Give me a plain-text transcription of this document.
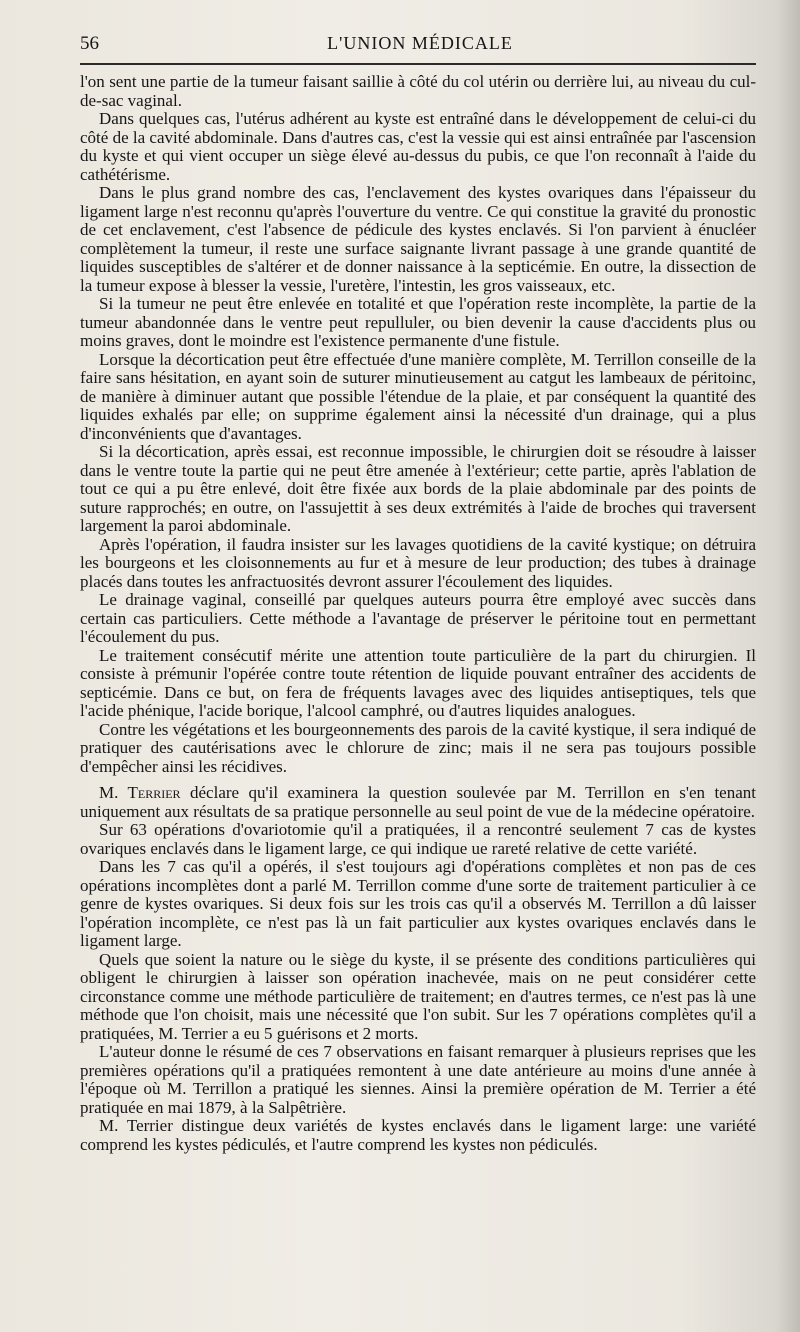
56	L'UNION MÉDICALE

l'on sent une partie de la tumeur faisant saillie à côté du col utérin ou derrière lui, au niveau du cul-de-sac vaginal.

Dans quelques cas, l'utérus adhérent au kyste est entraîné dans le développement de celui-ci du côté de la cavité abdominale. Dans d'autres cas, c'est la vessie qui est ainsi entraînée par l'ascension du kyste et qui vient occuper un siège élevé au-dessus du pubis, ce que l'on reconnaît à l'aide du cathétérisme.

Dans le plus grand nombre des cas, l'enclavement des kystes ovariques dans l'épaisseur du ligament large n'est reconnu qu'après l'ouverture du ventre. Ce qui constitue la gravité du pronostic de cet enclavement, c'est l'absence de pédicule des kystes enclavés. Si l'on parvient à énucléer complètement la tumeur, il reste une surface saignante livrant passage à une grande quantité de liquides susceptibles de s'altérer et de donner naissance à la septicémie. En outre, la dissection de la tumeur expose à blesser la vessie, l'uretère, l'intestin, les gros vaisseaux, etc.

Si la tumeur ne peut être enlevée en totalité et que l'opération reste incomplète, la partie de la tumeur abandonnée dans le ventre peut repulluler, ou bien devenir la cause d'accidents plus ou moins graves, dont le moindre est l'existence permanente d'une fistule.

Lorsque la décortication peut être effectuée d'une manière complète, M. Terrillon conseille de la faire sans hésitation, en ayant soin de suturer minutieusement au catgut les lambeaux de péritoinc, de manière à diminuer autant que possible l'étendue de la plaie, et par conséquent la quantité des liquides exhalés par elle; on supprime également ainsi la nécessité d'un drainage, qui a plus d'inconvénients que d'avantages.

Si la décortication, après essai, est reconnue impossible, le chirurgien doit se résoudre à laisser dans le ventre toute la partie qui ne peut être amenée à l'extérieur; cette partie, après l'ablation de tout ce qui a pu être enlevé, doit être fixée aux bords de la plaie abdominale par des points de suture rapprochés; en outre, on l'assujettit à ses deux extrémités à l'aide de broches qui traversent largement la paroi abdominale.

Après l'opération, il faudra insister sur les lavages quotidiens de la cavité kystique; on détruira les bourgeons et les cloisonnements au fur et à mesure de leur production; des tubes à drainage placés dans toutes les anfractuosités devront assurer l'écoulement des liquides.

Le drainage vaginal, conseillé par quelques auteurs pourra être employé avec succès dans certain cas particuliers. Cette méthode a l'avantage de préserver le péritoine tout en permettant l'écoulement du pus.

Le traitement consécutif mérite une attention toute particulière de la part du chirurgien. Il consiste à prémunir l'opérée contre toute rétention de liquide pouvant entraîner des accidents de septicémie. Dans ce but, on fera de fréquents lavages avec des liquides antiseptiques, tels que l'acide phénique, l'acide borique, l'alcool camphré, ou d'autres liquides analogues.

Contre les végétations et les bourgeonnements des parois de la cavité kystique, il sera indiqué de pratiquer des cautérisations avec le chlorure de zinc; mais il ne sera pas toujours possible d'empêcher ainsi les récidives.

M. Terrier déclare qu'il examinera la question soulevée par M. Terrillon en s'en tenant uniquement aux résultats de sa pratique personnelle au seul point de vue de la médecine opératoire.

Sur 63 opérations d'ovariotomie qu'il a pratiquées, il a rencontré seulement 7 cas de kystes ovariques enclavés dans le ligament large, ce qui indique ue rareté relative de cette variété.

Dans les 7 cas qu'il a opérés, il s'est toujours agi d'opérations complètes et non pas de ces opérations incomplètes dont a parlé M. Terrillon comme d'une sorte de traitement particulier à ce genre de kystes ovariques. Si deux fois sur les trois cas qu'il a observés M. Terrillon a dû laisser l'opération incomplète, ce n'est pas là un fait particulier aux kystes ovariques enclavés dans le ligament large.

Quels que soient la nature ou le siège du kyste, il se présente des conditions particulières qui obligent le chirurgien à laisser son opération inachevée, mais on ne peut considérer cette circonstance comme une méthode particulière de traitement; en d'autres termes, ce n'est pas là une méthode que l'on choisit, mais une nécessité que l'on subit. Sur les 7 opérations complètes qu'il a pratiquées, M. Terrier a eu 5 guérisons et 2 morts.

L'auteur donne le résumé de ces 7 observations en faisant remarquer à plusieurs reprises que les premières opérations qu'il a pratiquées remontent à une date antérieure au moins d'une année à l'époque où M. Terrillon a pratiqué les siennes. Ainsi la première opération de M. Terrier a été pratiquée en mai 1879, à la Salpêtrière.

M. Terrier distingue deux variétés de kystes enclavés dans le ligament large: une variété comprend les kystes pédiculés, et l'autre comprend les kystes non pédiculés.
